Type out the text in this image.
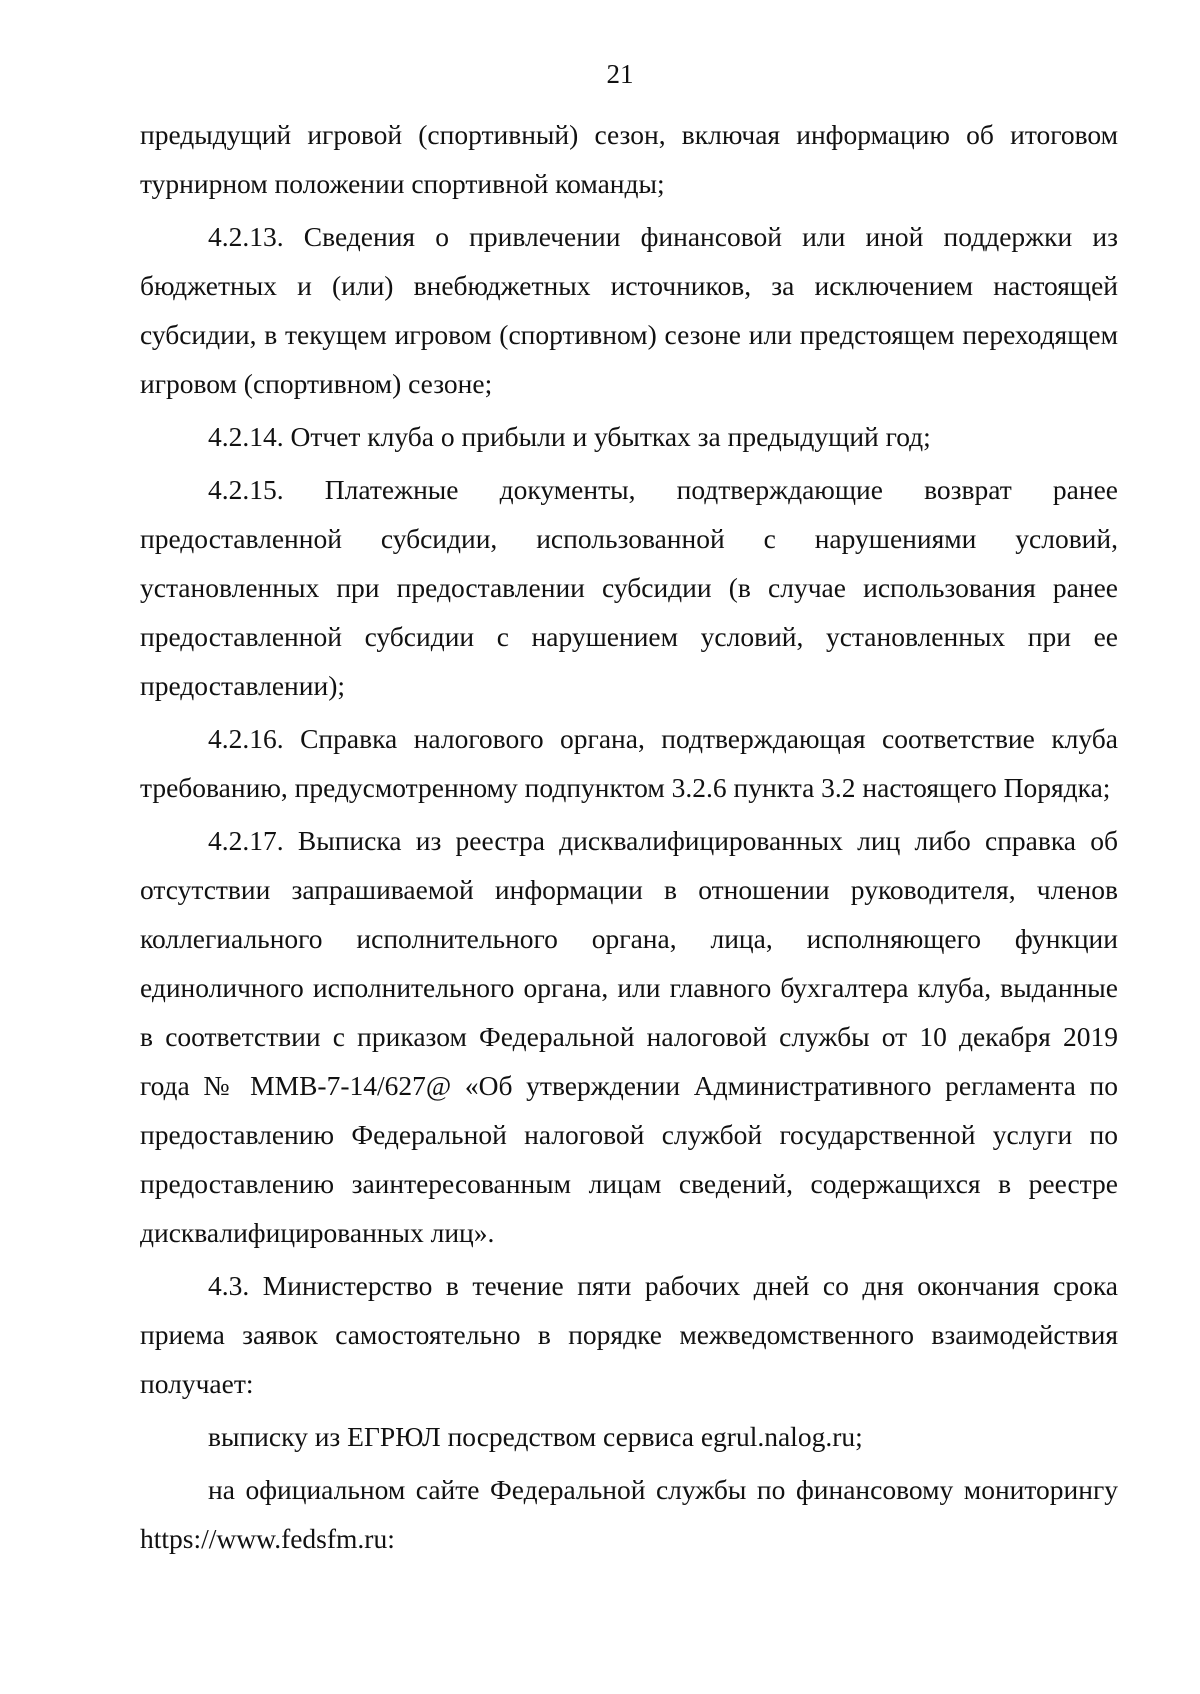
21

предыдущий игровой (спортивный) сезон, включая информацию об итоговом турнирном положении спортивной команды;

4.2.13. Сведения о привлечении финансовой или иной поддержки из бюджетных и (или) внебюджетных источников, за исключением настоящей субсидии, в текущем игровом (спортивном) сезоне или предстоящем переходящем игровом (спортивном) сезоне;

4.2.14. Отчет клуба о прибыли и убытках за предыдущий год;

4.2.15. Платежные документы, подтверждающие возврат ранее предоставленной субсидии, использованной с нарушениями условий, установленных при предоставлении субсидии (в случае использования ранее предоставленной субсидии с нарушением условий, установленных при ее предоставлении);

4.2.16. Справка налогового органа, подтверждающая соответствие клуба требованию, предусмотренному подпунктом 3.2.6 пункта 3.2 настоящего Порядка;

4.2.17. Выписка из реестра дисквалифицированных лиц либо справка об отсутствии запрашиваемой информации в отношении руководителя, членов коллегиального исполнительного органа, лица, исполняющего функции единоличного исполнительного органа, или главного бухгалтера клуба, выданные в соответствии с приказом Федеральной налоговой службы от 10 декабря 2019 года № ММВ-7-14/627@ «Об утверждении Административного регламента по предоставлению Федеральной налоговой службой государственной услуги по предоставлению заинтересованным лицам сведений, содержащихся в реестре дисквалифицированных лиц».

4.3. Министерство в течение пяти рабочих дней со дня окончания срока приема заявок самостоятельно в порядке межведомственного взаимодействия получает:

выписку из ЕГРЮЛ посредством сервиса egrul.nalog.ru;

на официальном сайте Федеральной службы по финансовому мониторингу https://www.fedsfm.ru:
